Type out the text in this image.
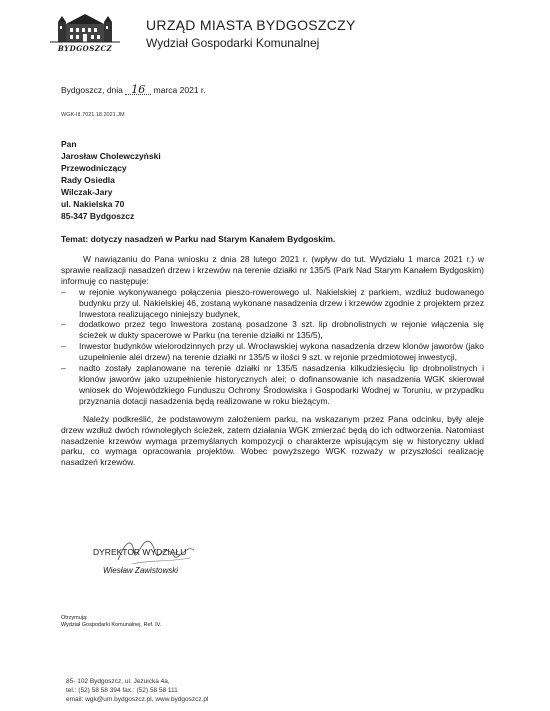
BYDGOSZCZ
URZĄD MIASTA BYDGOSZCZY
Wydział Gospodarki Komunalnej
Bydgoszcz, dnia 16 marca 2021 r.
WGK-III.7021.18.2021.JM
Pan
Jarosław Cholewczyński
Przewodniczący
Rady Osiedla
Wilczak-Jary
ul. Nakielska 70
85-347 Bydgoszcz
Temat: dotyczy nasadzeń w Parku nad Starym Kanałem Bydgoskim.

W nawiązaniu do Pana wniosku z dnia 28 lutego 2021 r. (wpływ do tut. Wydziału 1 marca 2021 r.) w sprawie realizacji nasadzeń drzew i krzewów na terenie działki nr 135/5 (Park Nad Starym Kanałem Bydgoskim) informuję co następuje:

– w rejonie wykonywanego połączenia pieszo-rowerowego ul. Nakielskiej z parkiem, wzdłuż budowanego budynku przy ul. Nakielskiej 46, zostaną wykonane nasadzenia drzew i krzewów zgodnie z projektem przez Inwestora realizującego niniejszy budynek,
– dodatkowo przez tego Inwestora zostaną posadzone 3 szt. lip drobnolistnych w rejonie włączenia się ścieżek w dukty spacerowe w Parku (na terenie działki nr 135/5),
– Inwestor budynków wielorodzinnych przy ul. Wrocławskiej wykona nasadzenia drzew klonów jaworów (jako uzupełnienie alei drzew) na terenie działki nr 135/5 w ilości 9 szt. w rejonie przedmiotowej inwestycji,
– nadto zostały zaplanowane na terenie działki nr 135/5 nasadzenia kilkudziesięciu lip drobnolistnych i klonów jaworów jako uzupełnienie historycznych alei; o dofinansowanie ich nasadzenia WGK skierował wniosek do Wojewódzkiego Funduszu Ochrony Środowiska i Gospodarki Wodnej w Toruniu, w przypadku przyznania dotacji nasadzenia będą realizowane w roku bieżącym.

Należy podkreślić, że podstawowym założeniem parku, na wskazanym przez Pana odcinku, były aleje drzew wzdłuż dwóch równoległych ścieżek, zatem działania WGK zmierzać będą do ich odtworzenia. Natomiast nasadzenie krzewów wymaga przemyślanych kompozycji o charakterze wpisującym się w historyczny układ parku, co wymaga opracowania projektów. Wobec powyższego WGK rozważy w przyszłości realizację nasadzeń krzewów.

DYREKTOR WYDZIAŁU
Wiesław Zawistowski
Otrzymują:
Wydział Gospodarki Komunalnej, Ref. IV.
85- 102 Bydgoszcz, ul. Jezuicka 4a,
tel.: (52) 58 58 394 fax.: (52) 58 58 111
email: wgk@um.bydgoszcz.pl, www.bydgoszcz.pl
